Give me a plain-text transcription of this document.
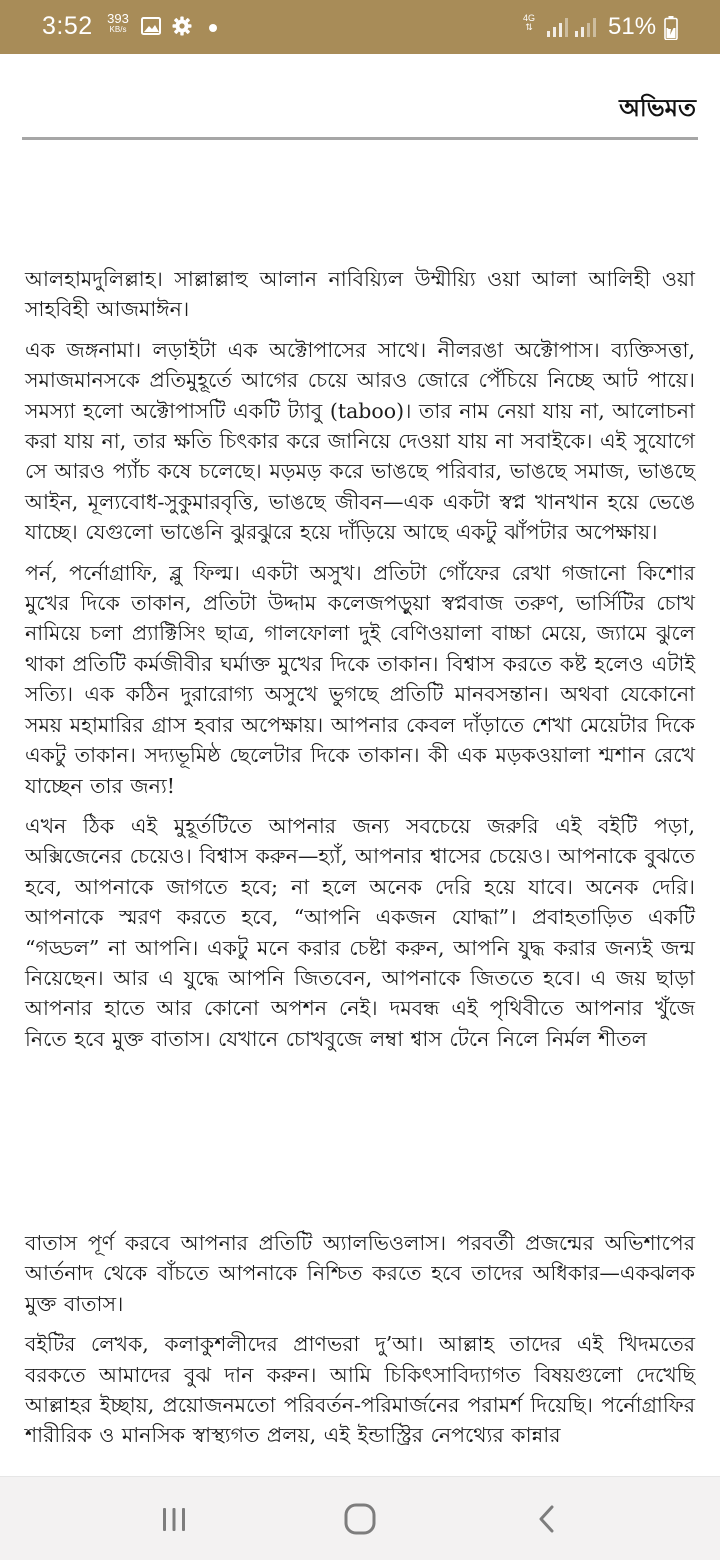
3:52 393
KB/s
4G
⇅	51%
অভিমত

আলহামদুলিল্লাহ। সাল্লাল্লাহু আলান নাবিয়্যিল উম্মীয়্যি ওয়া আলা আলিহী ওয়া সাহবিহী আজমাঈন।

এক জঙ্গনামা। লড়াইটা এক অক্টোপাসের সাথে। নীলরঙা অক্টোপাস। ব্যক্তিসত্তা, সমাজমানসকে প্রতিমুহূর্তে আগের চেয়ে আরও জোরে পেঁচিয়ে নিচ্ছে আট পায়ে। সমস্যা হলো অক্টোপাসটি একটি ট্যাবু (taboo)। তার নাম নেয়া যায় না, আলোচনা করা যায় না, তার ক্ষতি চিৎকার করে জানিয়ে দেওয়া যায় না সবাইকে। এই সুযোগে সে আরও প্যাঁচ কষে চলেছে। মড়মড় করে ভাঙছে পরিবার, ভাঙছে সমাজ, ভাঙছে আইন, মূল্যবোধ-সুকুমারবৃত্তি, ভাঙছে জীবন—এক একটা স্বপ্ন খানখান হয়ে ভেঙে যাচ্ছে। যেগুলো ভাঙেনি ঝুরঝুরে হয়ে দাঁড়িয়ে আছে একটু ঝাঁপটার অপেক্ষায়।

পর্ন, পর্নোগ্রাফি, ব্লু ফিল্ম। একটা অসুখ। প্রতিটা গোঁফের রেখা গজানো কিশোর মুখের দিকে তাকান, প্রতিটা উদ্দাম কলেজপড়ুয়া স্বপ্নবাজ তরুণ, ভার্সিটির চোখ নামিয়ে চলা প্র্যাক্টিসিং ছাত্র, গালফোলা দুই বেণিওয়ালা বাচ্চা মেয়ে, জ্যামে ঝুলে থাকা প্রতিটি কর্মজীবীর ঘর্মাক্ত মুখের দিকে তাকান। বিশ্বাস করতে কষ্ট হলেও এটাই সত্যি। এক কঠিন দুরারোগ্য অসুখে ভুগছে প্রতিটি মানবসন্তান। অথবা যেকোনো সময় মহামারির গ্রাস হবার অপেক্ষায়। আপনার কেবল দাঁড়াতে শেখা মেয়েটার দিকে একটু তাকান। সদ্যভূমিষ্ঠ ছেলেটার দিকে তাকান। কী এক মড়কওয়ালা শ্মশান রেখে যাচ্ছেন তার জন্য!

এখন ঠিক এই মুহূর্তটিতে আপনার জন্য সবচেয়ে জরুরি এই বইটি পড়া, অক্সিজেনের চেয়েও। বিশ্বাস করুন—হ্যাঁ, আপনার শ্বাসের চেয়েও। আপনাকে বুঝতে হবে, আপনাকে জাগতে হবে; না হলে অনেক দেরি হয়ে যাবে। অনেক দেরি। আপনাকে স্মরণ করতে হবে, “আপনি একজন যোদ্ধা”। প্রবাহতাড়িত একটি “গড্ডল” না আপনি। একটু মনে করার চেষ্টা করুন, আপনি যুদ্ধ করার জন্যই জন্ম নিয়েছেন। আর এ যুদ্ধে আপনি জিতবেন, আপনাকে জিততে হবে। এ জয় ছাড়া আপনার হাতে আর কোনো অপশন নেই। দমবন্ধ এই পৃথিবীতে আপনার খুঁজে নিতে হবে মুক্ত বাতাস। যেখানে চোখবুজে লম্বা শ্বাস টেনে নিলে নির্মল শীতল

বাতাস পূর্ণ করবে আপনার প্রতিটি অ্যালভিওলাস। পরবর্তী প্রজন্মের অভিশাপের আর্তনাদ থেকে বাঁচতে আপনাকে নিশ্চিত করতে হবে তাদের অধিকার—একঝলক মুক্ত বাতাস।

বইটির লেখক, কলাকুশলীদের প্রাণভরা দু’আ। আল্লাহ তাদের এই খিদমতের বরকতে আমাদের বুঝ দান করুন। আমি চিকিৎসাবিদ্যাগত বিষয়গুলো দেখেছি আল্লাহর ইচ্ছায়, প্রয়োজনমতো পরিবর্তন-পরিমার্জনের পরামর্শ দিয়েছি। পর্নোগ্রাফির শারীরিক ও মানসিক স্বাস্থ্যগত প্রলয়, এই ইন্ডাস্ট্রির নেপথ্যের কান্নার
